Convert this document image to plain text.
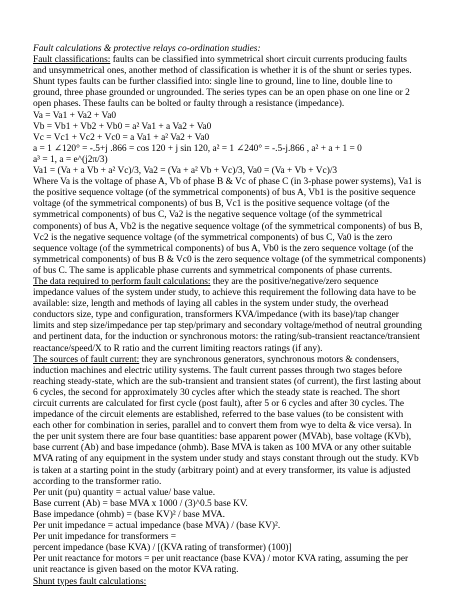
Fault calculations & protective relays co-ordination studies:
Fault classifications: faults can be classified into symmetrical short circuit currents producing faults
and unsymmetrical ones, another method of classification is whether it is of the shunt or series types.
Shunt types faults can be further classified into: single line to ground, line to line, double line to
ground, three phase grounded or ungrounded. The series types can be an open phase on one line or 2
open phases. These faults can be bolted or faulty through a resistance (impedance).
Va = Va1 + Va2 + Va0
Vb = Vb1 + Vb2 + Vb0 = a² Va1 + a Va2 + Va0
Vc = Vc1 + Vc2 + Vc0 = a Va1 + a² Va2 + Va0
a = 1 ∠120° = -.5+j .866 = cos 120 + j sin 120, a² = 1 ∠240° = -.5-j.866 , a² + a + 1 = 0
a³ = 1, a = e^(j2π/3)
Va1 = (Va + a Vb + a² Vc)/3, Va2 = (Va + a² Vb + Vc)/3, Va0 = (Va + Vb + Vc)/3
Where Va is the voltage of phase A, Vb of phase B & Vc of phase C (in 3-phase power systems), Va1 is
the positive sequence voltage (of the symmetrical components) of bus A, Vb1 is the positive sequence
voltage (of the symmetrical components) of bus B, Vc1 is the positive sequence voltage (of the
symmetrical components) of bus C, Va2 is the negative sequence voltage (of the symmetrical
components) of bus A, Vb2 is the negative sequence voltage (of the symmetrical components) of bus B,
Vc2 is the negative sequence voltage (of the symmetrical components) of bus C, Va0 is the zero
sequence voltage (of the symmetrical components) of bus A, Vb0 is the zero sequence voltage (of the
symmetrical components) of bus B & Vc0 is the zero sequence voltage (of the symmetrical components)
of bus C. The same is applicable phase currents and symmetrical components of phase currents.
The data required to perform fault calculations: they are the positive/negative/zero sequence
impedance values of the system under study, to achieve this requirement the following data have to be
available: size, length and methods of laying all cables in the system under study, the overhead
conductors size, type and configuration, transformers KVA/impedance (with its base)/tap changer
limits and step size/impedance per tap step/primary and secondary voltage/method of neutral grounding
and pertinent data, for the induction or synchronous motors: the rating/sub-transient reactance/transient
reactance/speed/X to R ratio and the current limiting reactors ratings (if any).
The sources of fault current: they are synchronous generators, synchronous motors & condensers,
induction machines and electric utility systems. The fault current passes through two stages before
reaching steady-state, which are the sub-transient and transient states (of current), the first lasting about
6 cycles, the second for approximately 30 cycles after which the steady state is reached. The short
circuit currents are calculated for first cycle (post fault), after 5 or 6 cycles and after 30 cycles. The
impedance of the circuit elements are established, referred to the base values (to be consistent with
each other for combination in series, parallel and to convert them from wye to delta & vice versa). In
the per unit system there are four base quantities: base apparent power (MVAb), base voltage (KVb),
base current (Ab) and base impedance (ohmb). Base MVA is taken as 100 MVA or any other suitable
MVA rating of any equipment in the system under study and stays constant through out the study. KVb
is taken at a starting point in the study (arbitrary point) and at every transformer, its value is adjusted
according to the transformer ratio.
Per unit (pu) quantity = actual value/ base value.
Base current (Ab) = base MVA x 1000 / (3)^0.5 base KV.
Base impedance (ohmb) = (base KV)² / base MVA.
Per unit impedance = actual impedance (base MVA) / (base KV)².
Per unit impedance for transformers =
percent impedance (base KVA) / [(KVA rating of transformer) (100)]
Per unit reactance for motors = per unit reactance (base KVA) / motor KVA rating, assuming the per
unit reactance is given based on the motor KVA rating.
Shunt types fault calculations:
